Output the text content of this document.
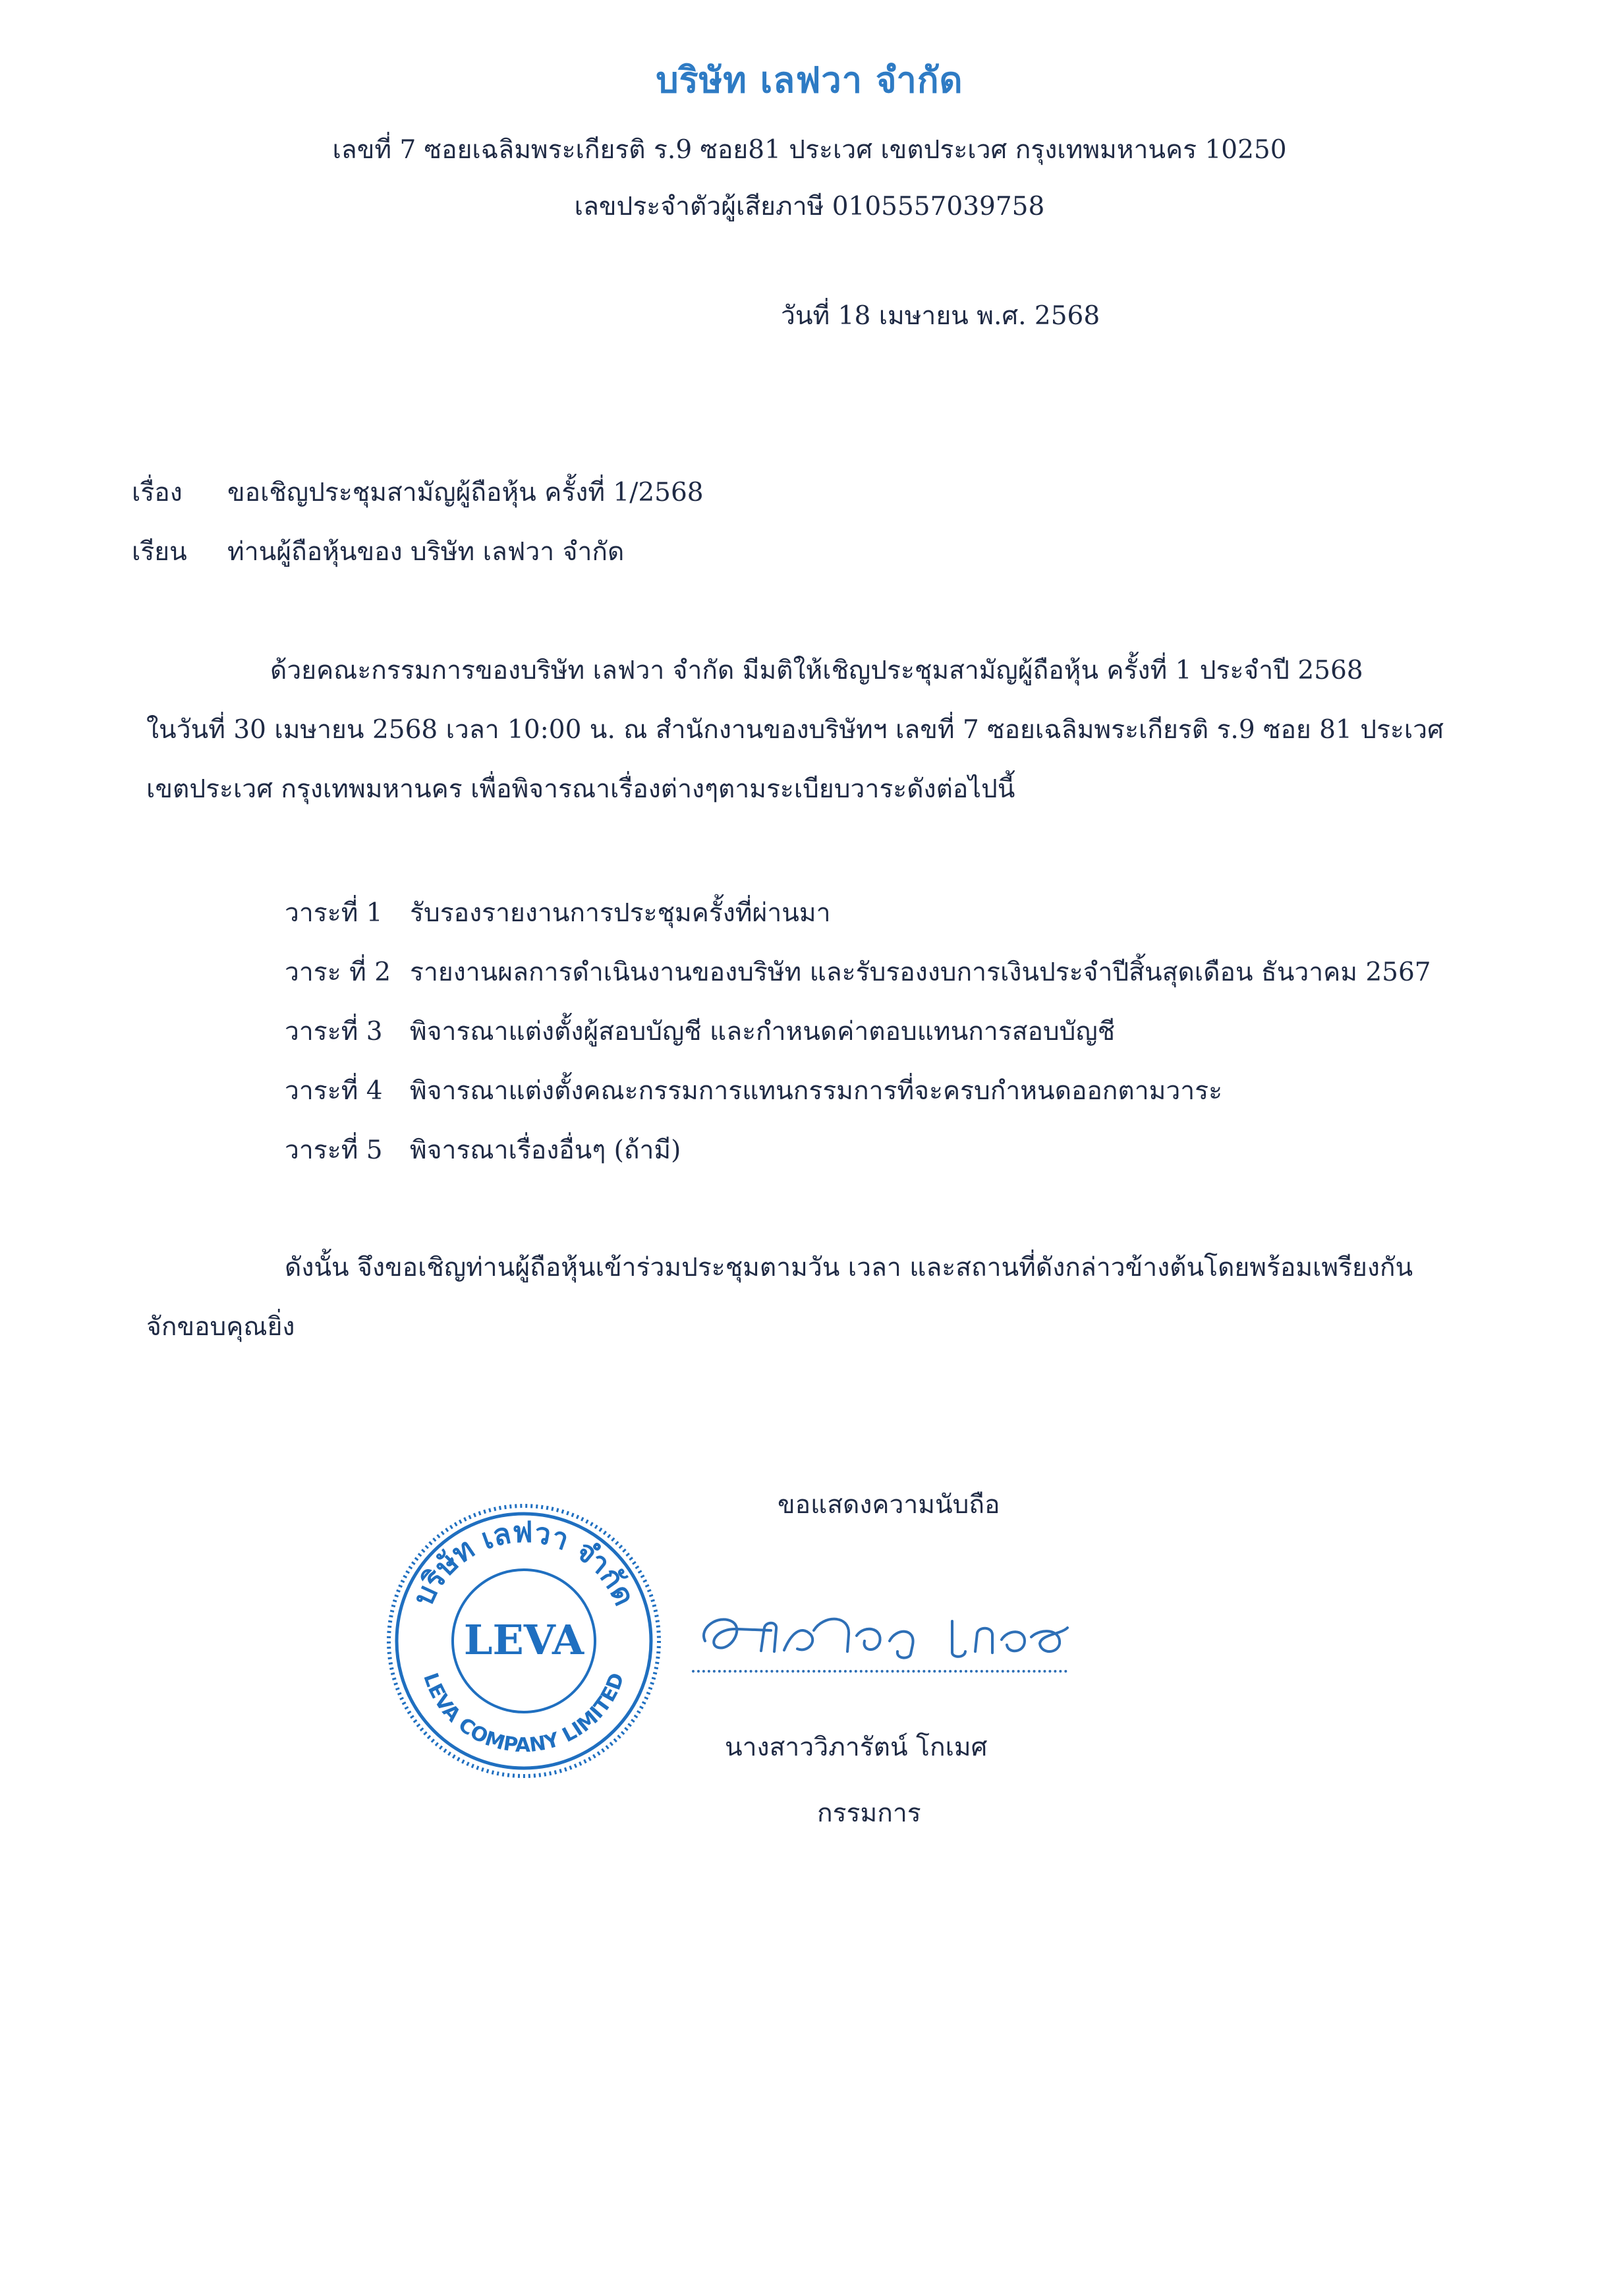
บริษัท เลฟวา จำกัด
เลขที่ 7 ซอยเฉลิมพระเกียรติ ร.9 ซอย81 ประเวศ เขตประเวศ กรุงเทพมหานคร 10250
เลขประจำตัวผู้เสียภาษี 0105557039758
วันที่ 18 เมษายน พ.ศ. 2568
เรื่อง ขอเชิญประชุมสามัญผู้ถือหุ้น ครั้งที่ 1/2568
เรียน ท่านผู้ถือหุ้นของ บริษัท เลฟวา จำกัด
ด้วยคณะกรรมการของบริษัท เลฟวา จำกัด มีมติให้เชิญประชุมสามัญผู้ถือหุ้น ครั้งที่ 1 ประจำปี 2568
ในวันที่ 30 เมษายน 2568 เวลา 10:00 น. ณ สำนักงานของบริษัทฯ เลขที่ 7 ซอยเฉลิมพระเกียรติ ร.9 ซอย 81 ประเวศ
เขตประเวศ กรุงเทพมหานคร เพื่อพิจารณาเรื่องต่างๆตามระเบียบวาระดังต่อไปนี้
วาระที่ 1 รับรองรายงานการประชุมครั้งที่ผ่านมา
วาระ ที่ 2 รายงานผลการดำเนินงานของบริษัท และรับรองงบการเงินประจำปีสิ้นสุดเดือน ธันวาคม 2567
วาระที่ 3 พิจารณาแต่งตั้งผู้สอบบัญชี และกำหนดค่าตอบแทนการสอบบัญชี
วาระที่ 4 พิจารณาแต่งตั้งคณะกรรมการแทนกรรมการที่จะครบกำหนดออกตามวาระ
วาระที่ 5 พิจารณาเรื่องอื่นๆ (ถ้ามี)
ดังนั้น จึงขอเชิญท่านผู้ถือหุ้นเข้าร่วมประชุมตามวัน เวลา และสถานที่ดังกล่าวข้างต้นโดยพร้อมเพรียงกัน
จักขอบคุณยิ่ง
ขอแสดงความนับถือ
บริษัท เลฟวา จำกัด
LEVA COMPANY LIMITED
LEVA
นางสาววิภารัตน์ โกเมศ
กรรมการ
